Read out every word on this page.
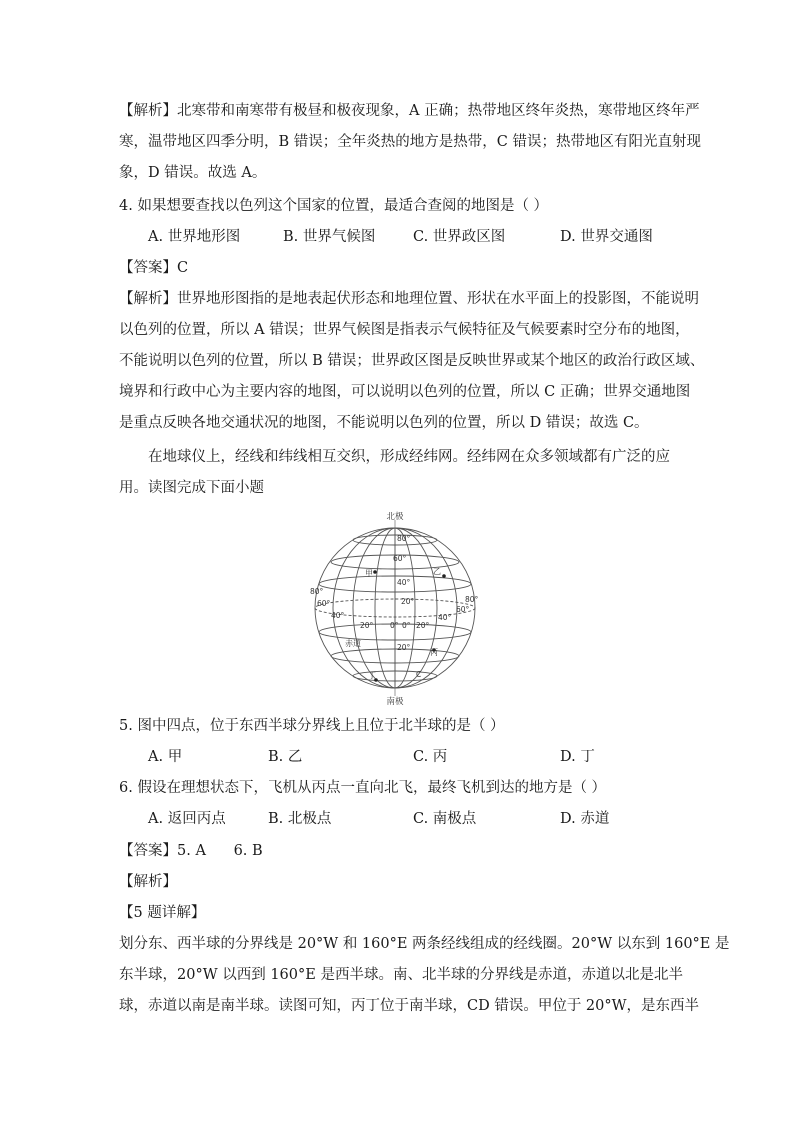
【解析】北寒带和南寒带有极昼和极夜现象，A 正确；热带地区终年炎热，寒带地区终年严
寒，温带地区四季分明，B 错误；全年炎热的地方是热带，C 错误；热带地区有阳光直射现
象，D 错误。故选 A。
4. 如果想要查找以色列这个国家的位置，最适合查阅的地图是（ ）
A. 世界地形图	B. 世界气候图	C. 世界政区图	D. 世界交通图
【答案】C
【解析】世界地形图指的是地表起伏形态和地理位置、形状在水平面上的投影图，不能说明
以色列的位置，所以 A 错误；世界气候图是指表示气候特征及气候要素时空分布的地图，
不能说明以色列的位置，所以 B 错误；世界政区图是反映世界或某个地区的政治行政区域、
境界和行政中心为主要内容的地图，可以说明以色列的位置，所以 C 正确；世界交通地图
是重点反映各地交通状况的地图，不能说明以色列的位置，所以 D 错误；故选 C。
在地球仪上，经线和纬线相互交织，形成经纬网。经纬网在众多领域都有广泛的应
用。读图完成下面小题
北极
南极
80°
60°
40°
20°
0°
20°
80°
60°
40°
80°
60°
40°
20° 0° 20°
赤道
甲	乙
丙
丁	C
5. 图中四点，位于东西半球分界线上且位于北半球的是（ ）
A. 甲	B. 乙	C. 丙	D. 丁
6. 假设在理想状态下，飞机从丙点一直向北飞，最终飞机到达的地方是（ ）
A. 返回丙点	B. 北极点	C. 南极点	D. 赤道
【答案】5. A      6. B
【解析】
【5 题详解】
划分东、西半球的分界线是 20°W 和 160°E 两条经线组成的经线圈。20°W 以东到 160°E 是
东半球，20°W 以西到 160°E 是西半球。南、北半球的分界线是赤道，赤道以北是北半
球，赤道以南是南半球。读图可知，丙丁位于南半球，CD 错误。甲位于 20°W，是东西半
